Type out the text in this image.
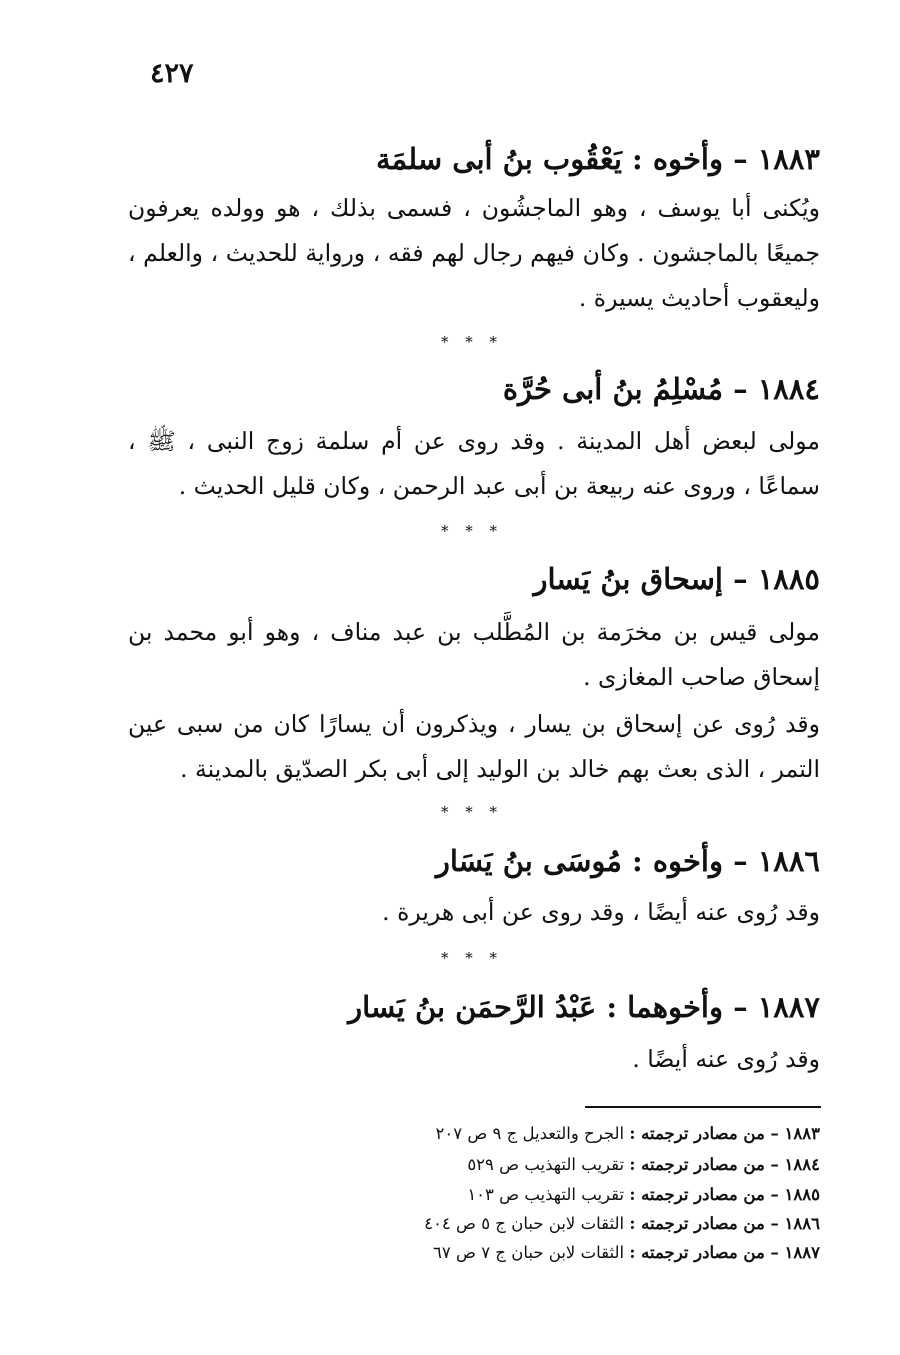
٤٢٧
١٨٨٣ – وأخوه : يَعْقُوب بنُ أبى سلمَة
ويُكنى أبا يوسف ، وهو الماجشُون ، فسمى بذلك ، هو وولده يعرفون جميعًا بالماجشون . وكان فيهم رجال لهم فقه ، ورواية للحديث ، والعلم ، وليعقوب أحاديث يسيرة .
* * *
١٨٨٤ – مُسْلِمُ بنُ أبى حُرَّة
مولى لبعض أهل المدينة . وقد روى عن أم سلمة زوج النبى ، ﷺ ، سماعًا ، وروى عنه ربيعة بن أبى عبد الرحمن ، وكان قليل الحديث .
* * *
١٨٨٥ – إسحاق بنُ يَسار
مولى قيس بن مخرَمة بن المُطَّلب بن عبد مناف ، وهو أبو محمد بن إسحاق صاحب المغازى .
وقد رُوى عن إسحاق بن يسار ، ويذكرون أن يسارًا كان من سبى عين التمر ، الذى بعث بهم خالد بن الوليد إلى أبى بكر الصدّيق بالمدينة .
* * *
١٨٨٦ – وأخوه : مُوسَى بنُ يَسَار
وقد رُوى عنه أيضًا ، وقد روى عن أبى هريرة .
* * *
١٨٨٧ – وأخوهما : عَبْدُ الرَّحمَن بنُ يَسار
وقد رُوى عنه أيضًا .
١٨٨٣ – من مصادر ترجمته : الجرح والتعديل ج ٩ ص ٢٠٧
١٨٨٤ – من مصادر ترجمته : تقريب التهذيب ص ٥٢٩
١٨٨٥ – من مصادر ترجمته : تقريب التهذيب ص ١٠٣
١٨٨٦ – من مصادر ترجمته : الثقات لابن حبان ج ٥ ص ٤٠٤
١٨٨٧ – من مصادر ترجمته : الثقات لابن حبان ج ٧ ص ٦٧
